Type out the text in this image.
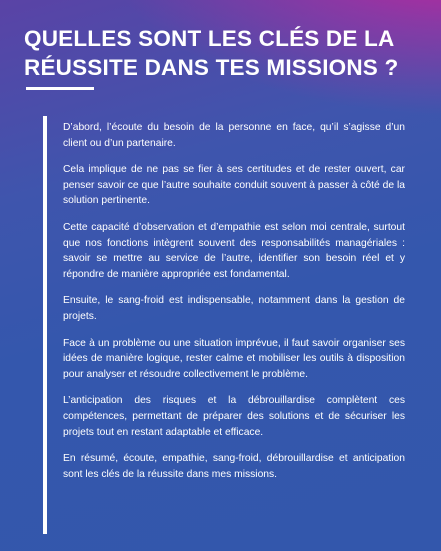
QUELLES SONT LES CLÉS DE LA
RÉUSSITE DANS TES MISSIONS ?

D’abord, l’écoute du besoin de la personne en face, qu’il s’agisse d’un client ou d’un partenaire.

Cela implique de ne pas se fier à ses certitudes et de rester ouvert, car penser savoir ce que l’autre souhaite conduit souvent à passer à côté de la solution pertinente.

Cette capacité d’observation et d’empathie est selon moi centrale, surtout que nos fonctions intègrent souvent des responsabilités managériales : savoir se mettre au service de l’autre, identifier son besoin réel et y répondre de manière appropriée est fondamental.

Ensuite, le sang-froid est indispensable, notamment dans la gestion de projets.

Face à un problème ou une situation imprévue, il faut savoir organiser ses idées de manière logique, rester calme et mobiliser les outils à disposition pour analyser et résoudre collectivement le problème.

L’anticipation des risques et la débrouillardise complètent ces compétences, permettant de préparer des solutions et de sécuriser les projets tout en restant adaptable et efficace.

En résumé, écoute, empathie, sang-froid, débrouillardise et anticipation sont les clés de la réussite dans mes missions.
